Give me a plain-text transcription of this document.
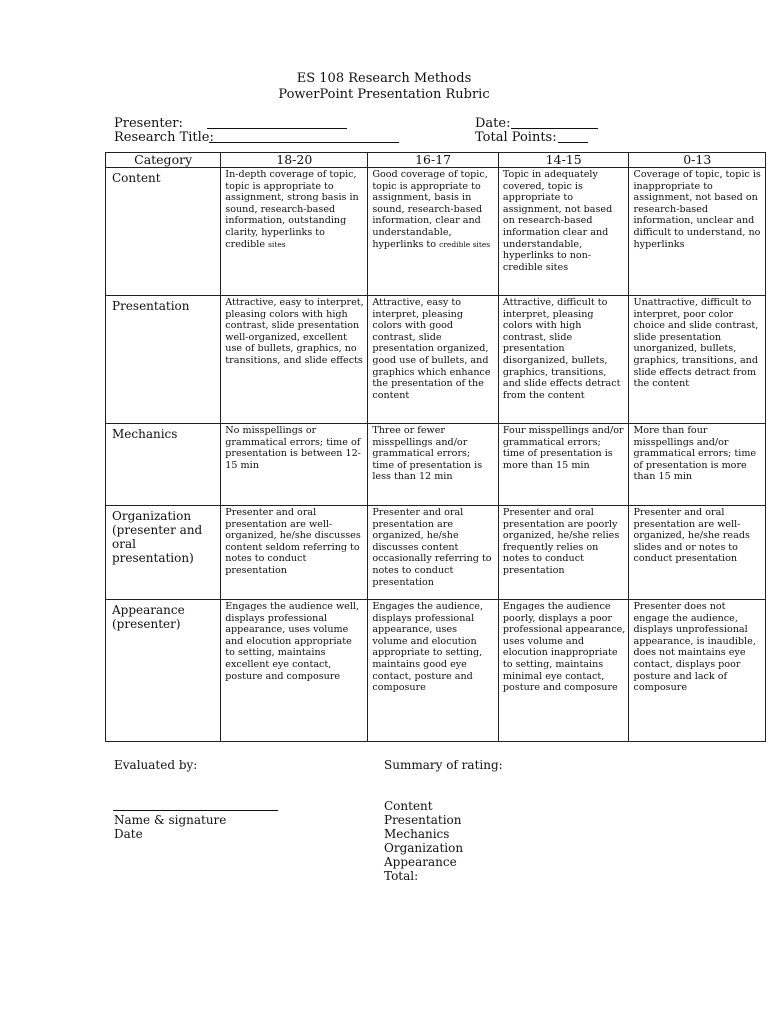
ES 108 Research Methods
PowerPoint Presentation Rubric
Presenter:
Research Title:
Date:
Total Points:
Category	18-20	16-17	14-15	0-13
Content	In-depth coverage of topic, topic is appropriate to assignment, strong basis in sound, research-based information, outstanding clarity, hyperlinks to credible sites	Good coverage of topic, topic is appropriate to assignment, basis in sound, research-based information, clear and understandable, hyperlinks to credible sites	Topic in adequately covered, topic is appropriate to assignment, not based on research-based information clear and understandable, hyperlinks to non-credible sites	Coverage of topic, topic is inappropriate to assignment, not based on research-based information, unclear and difficult to understand, no hyperlinks
Presentation	Attractive, easy to interpret, pleasing colors with high contrast, slide presentation well-organized, excellent use of bullets, graphics, no transitions, and slide effects	Attractive, easy to interpret, pleasing colors with good contrast, slide presentation organized, good use of bullets, and graphics which enhance the presentation of the content	Attractive, difficult to interpret, pleasing colors with high contrast, slide presentation disorganized, bullets, graphics, transitions, and slide effects detract from the content	Unattractive, difficult to interpret, poor color choice and slide contrast, slide presentation unorganized, bullets, graphics, transitions, and slide effects detract from the content
Mechanics	No misspellings or grammatical errors; time of presentation is between 12-15 min	Three or fewer misspellings and/or grammatical errors; time of presentation is less than 12 min	Four misspellings and/or grammatical errors; time of presentation is more than 15 min	More than four misspellings and/or grammatical errors; time of presentation is more than 15 min
Organization (presenter and oral presentation)	Presenter and oral presentation are well-organized, he/she discusses content seldom referring to notes to conduct presentation	Presenter and oral presentation are organized, he/she discusses content occasionally referring to notes to conduct presentation	Presenter and oral presentation are poorly organized, he/she relies frequently relies on notes to conduct presentation	Presenter and oral presentation are well-organized, he/she reads slides and or notes to conduct presentation
Appearance (presenter)	Engages the audience well, displays professional appearance, uses volume and elocution appropriate to setting, maintains excellent eye contact, posture and composure	Engages the audience, displays professional appearance, uses volume and elocution appropriate to setting, maintains good eye contact, posture and composure	Engages the audience poorly, displays a poor professional appearance, uses volume and elocution inappropriate to setting, maintains minimal eye contact, posture and composure	Presenter does not engage the audience, displays unprofessional appearance, is inaudible, does not maintains eye contact, displays poor posture and lack of composure
Evaluated by:
Name & signature
Date
Summary of rating:
Content
Presentation
Mechanics
Organization
Appearance
Total:
